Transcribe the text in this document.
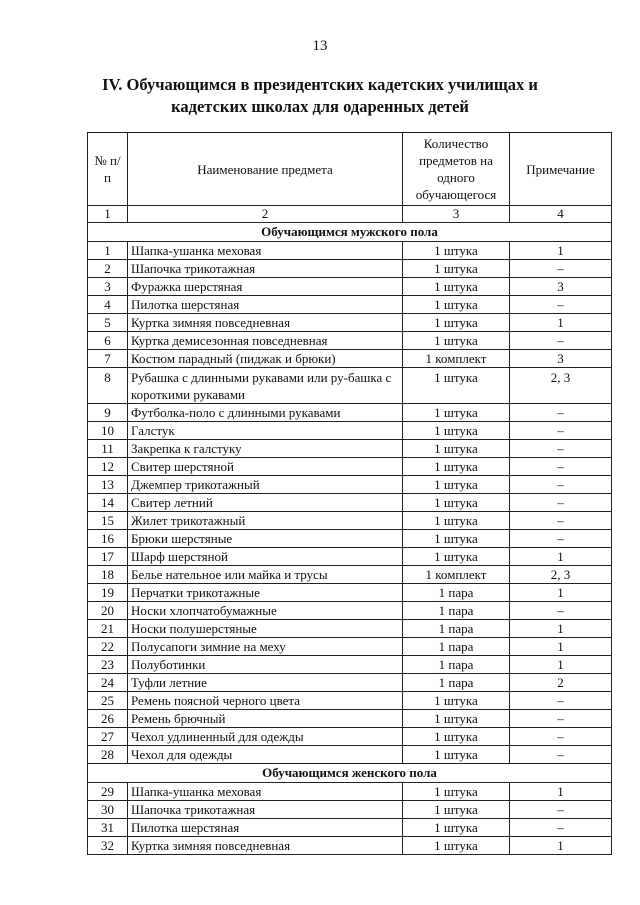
13
IV. Обучающимся в президентских кадетских училищах и
кадетских школах для одаренных детей
№ п/п	Наименование предмета	Количество предметов на одного обучающегося	Примечание
1	2	3	4
Обучающимся мужского пола			
1	Шапка-ушанка меховая	1 штука	1
2	Шапочка трикотажная	1 штука	–
3	Фуражка шерстяная	1 штука	3
4	Пилотка шерстяная	1 штука	–
5	Куртка зимняя повседневная	1 штука	1
6	Куртка демисезонная повседневная	1 штука	–
7	Костюм парадный (пиджак и брюки)	1 комплект	3
8	Рубашка с длинными рукавами или ру-башка с короткими рукавами	1 штука	2, 3
9	Футболка-поло с длинными рукавами	1 штука	–
10	Галстук	1 штука	–
11	Закрепка к галстуку	1 штука	–
12	Свитер шерстяной	1 штука	–
13	Джемпер трикотажный	1 штука	–
14	Свитер летний	1 штука	–
15	Жилет трикотажный	1 штука	–
16	Брюки шерстяные	1 штука	–
17	Шарф шерстяной	1 штука	1
18	Белье нательное или майка и трусы	1 комплект	2, 3
19	Перчатки трикотажные	1 пара	1
20	Носки хлопчатобумажные	1 пара	–
21	Носки полушерстяные	1 пара	1
22	Полусапоги зимние на меху	1 пара	1
23	Полуботинки	1 пара	1
24	Туфли летние	1 пара	2
25	Ремень поясной черного цвета	1 штука	–
26	Ремень брючный	1 штука	–
27	Чехол удлиненный для одежды	1 штука	–
28	Чехол для одежды	1 штука	–
Обучающимся женского пола			
29	Шапка-ушанка меховая	1 штука	1
30	Шапочка трикотажная	1 штука	–
31	Пилотка шерстяная	1 штука	–
32	Куртка зимняя повседневная	1 штука	1
